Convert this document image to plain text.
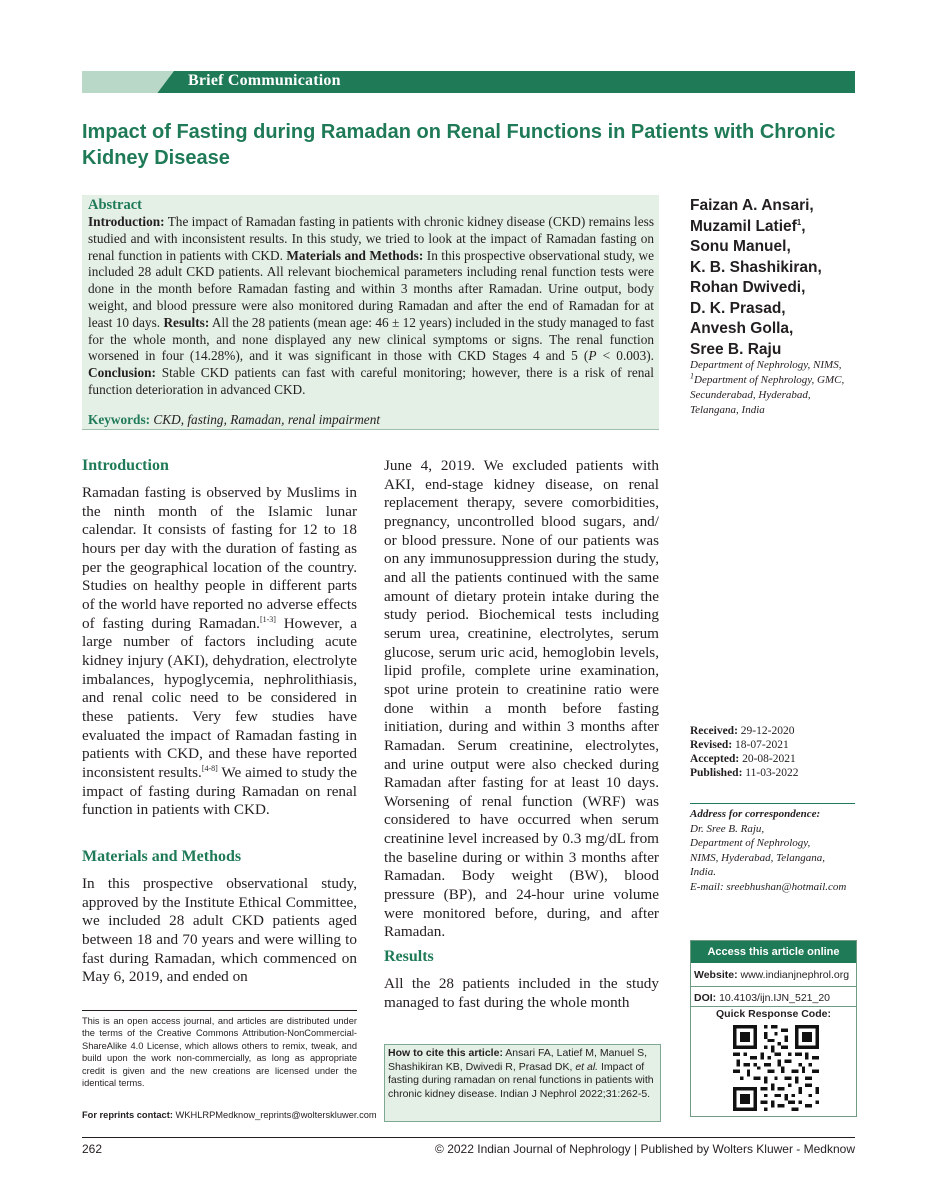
Brief Communication
Impact of Fasting during Ramadan on Renal Functions in Patients with Chronic Kidney Disease
Abstract

Introduction: The impact of Ramadan fasting in patients with chronic kidney disease (CKD) remains less studied and with inconsistent results. In this study, we tried to look at the impact of Ramadan fasting on renal function in patients with CKD. Materials and Methods: In this prospective observational study, we included 28 adult CKD patients. All relevant biochemical parameters including renal function tests were done in the month before Ramadan fasting and within 3 months after Ramadan. Urine output, body weight, and blood pressure were also monitored during Ramadan and after the end of Ramadan for at least 10 days. Results: All the 28 patients (mean age: 46 ± 12 years) included in the study managed to fast for the whole month, and none displayed any new clinical symptoms or signs. The renal function worsened in four (14.28%), and it was significant in those with CKD Stages 4 and 5 (P < 0.003). Conclusion: Stable CKD patients can fast with careful monitoring; however, there is a risk of renal function deterioration in advanced CKD.

Keywords: CKD, fasting, Ramadan, renal impairment
Faizan A. Ansari,
Muzamil Latief$^1$,
Sonu Manuel,
K. B. Shashikiran,
Rohan Dwivedi,
D. K. Prasad,
Anvesh Golla,
Sree B. Raju
Department of Nephrology, NIMS, $^1$Department of Nephrology, GMC, Secunderabad, Hyderabad, Telangana, India
Introduction

Ramadan fasting is observed by Muslims in the ninth month of the Islamic lunar calendar. It consists of fasting for 12 to 18 hours per day with the duration of fasting as per the geographical location of the country. Studies on healthy people in different parts of the world have reported no adverse effects of fasting during Ramadan.[1-3] However, a large number of factors including acute kidney injury (AKI), dehydration, electrolyte imbalances, hypoglycemia, nephrolithiasis, and renal colic need to be considered in these patients. Very few studies have evaluated the impact of Ramadan fasting in patients with CKD, and these have reported inconsistent results.[4-8] We aimed to study the impact of fasting during Ramadan on renal function in patients with CKD.

Materials and Methods

In this prospective observational study, approved by the Institute Ethical Committee, we included 28 adult CKD patients aged between 18 and 70 years and were willing to fast during Ramadan, which commenced on May 6, 2019, and ended on

June 4, 2019. We excluded patients with AKI, end-stage kidney disease, on renal replacement therapy, severe comorbidities, pregnancy, uncontrolled blood sugars, and/ or blood pressure. None of our patients was on any immunosuppression during the study, and all the patients continued with the same amount of dietary protein intake during the study period. Biochemical tests including serum urea, creatinine, electrolytes, serum glucose, serum uric acid, hemoglobin levels, lipid profile, complete urine examination, spot urine protein to creatinine ratio were done within a month before fasting initiation, during and within 3 months after Ramadan. Serum creatinine, electrolytes, and urine output were also checked during Ramadan after fasting for at least 10 days. Worsening of renal function (WRF) was considered to have occurred when serum creatinine level increased by 0.3 mg/dL from the baseline during or within 3 months after Ramadan. Body weight (BW), blood pressure (BP), and 24-hour urine volume were monitored before, during, and after Ramadan.

Results

All the 28 patients included in the study managed to fast during the whole month

Received: 29-12-2020
Revised: 18-07-2021
Accepted: 20-08-2021
Published: 11-03-2022
Address for correspondence:
Dr. Sree B. Raju,
Department of Nephrology,
NIMS, Hyderabad, Telangana,
India.
E-mail: sreebhushan@hotmail.com
Access this article online
Website: www.indianjnephrol.org
DOI: 10.4103/ijn.IJN_521_20
Quick Response Code:

This is an open access journal, and articles are distributed under the terms of the Creative Commons Attribution-NonCommercial-ShareAlike 4.0 License, which allows others to remix, tweak, and build upon the work non-commercially, as long as appropriate credit is given and the new creations are licensed under the identical terms.

For reprints contact: WKHLRPMedknow_reprints@wolterskluwer.com

How to cite this article: Ansari FA, Latief M, Manuel S, Shashikiran KB, Dwivedi R, Prasad DK, et al. Impact of fasting during ramadan on renal functions in patients with chronic kidney disease. Indian J Nephrol 2022;31:262-5.

262	© 2022 Indian Journal of Nephrology | Published by Wolters Kluwer - Medknow
